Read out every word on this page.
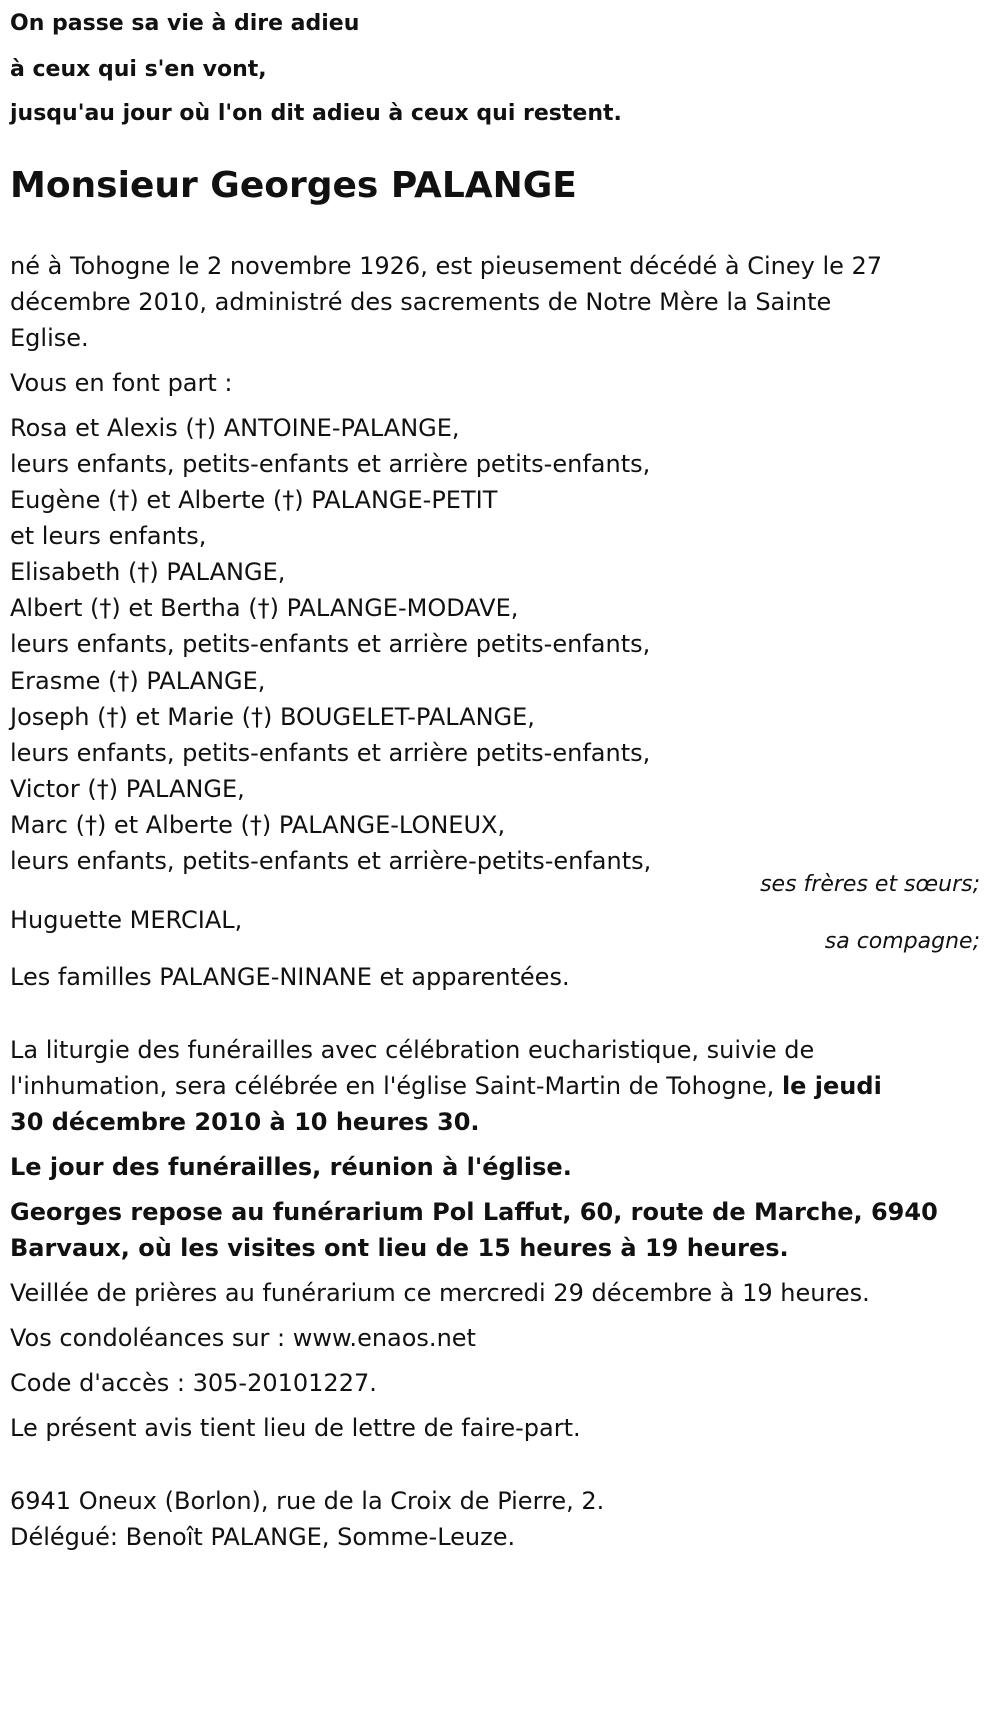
On passe sa vie à dire adieu
à ceux qui s'en vont,
jusqu'au jour où l'on dit adieu à ceux qui restent.
Monsieur Georges PALANGE
né à Tohogne le 2 novembre 1926, est pieusement décédé à Ciney le 27
décembre 2010, administré des sacrements de Notre Mère la Sainte
Eglise.
Vous en font part :
Rosa et Alexis (†) ANTOINE-PALANGE,
leurs enfants, petits-enfants et arrière petits-enfants,
Eugène (†) et Alberte (†) PALANGE-PETIT
et leurs enfants,
Elisabeth (†) PALANGE,
Albert (†) et Bertha (†) PALANGE-MODAVE,
leurs enfants, petits-enfants et arrière petits-enfants,
Erasme (†) PALANGE,
Joseph (†) et Marie (†) BOUGELET-PALANGE,
leurs enfants, petits-enfants et arrière petits-enfants,
Victor (†) PALANGE,
Marc (†) et Alberte (†) PALANGE-LONEUX,
leurs enfants, petits-enfants et arrière-petits-enfants,
ses frères et sœurs;
Huguette MERCIAL,
sa compagne;
Les familles PALANGE-NINANE et apparentées.
La liturgie des funérailles avec célébration eucharistique, suivie de
l'inhumation, sera célébrée en l'église Saint-Martin de Tohogne, le jeudi
30 décembre 2010 à 10 heures 30.
Le jour des funérailles, réunion à l'église.
Georges repose au funérarium Pol Laffut, 60, route de Marche, 6940
Barvaux, où les visites ont lieu de 15 heures à 19 heures.
Veillée de prières au funérarium ce mercredi 29 décembre à 19 heures.
Vos condoléances sur : www.enaos.net
Code d'accès : 305-20101227.
Le présent avis tient lieu de lettre de faire-part.
6941 Oneux (Borlon), rue de la Croix de Pierre, 2.
Délégué: Benoît PALANGE, Somme-Leuze.
